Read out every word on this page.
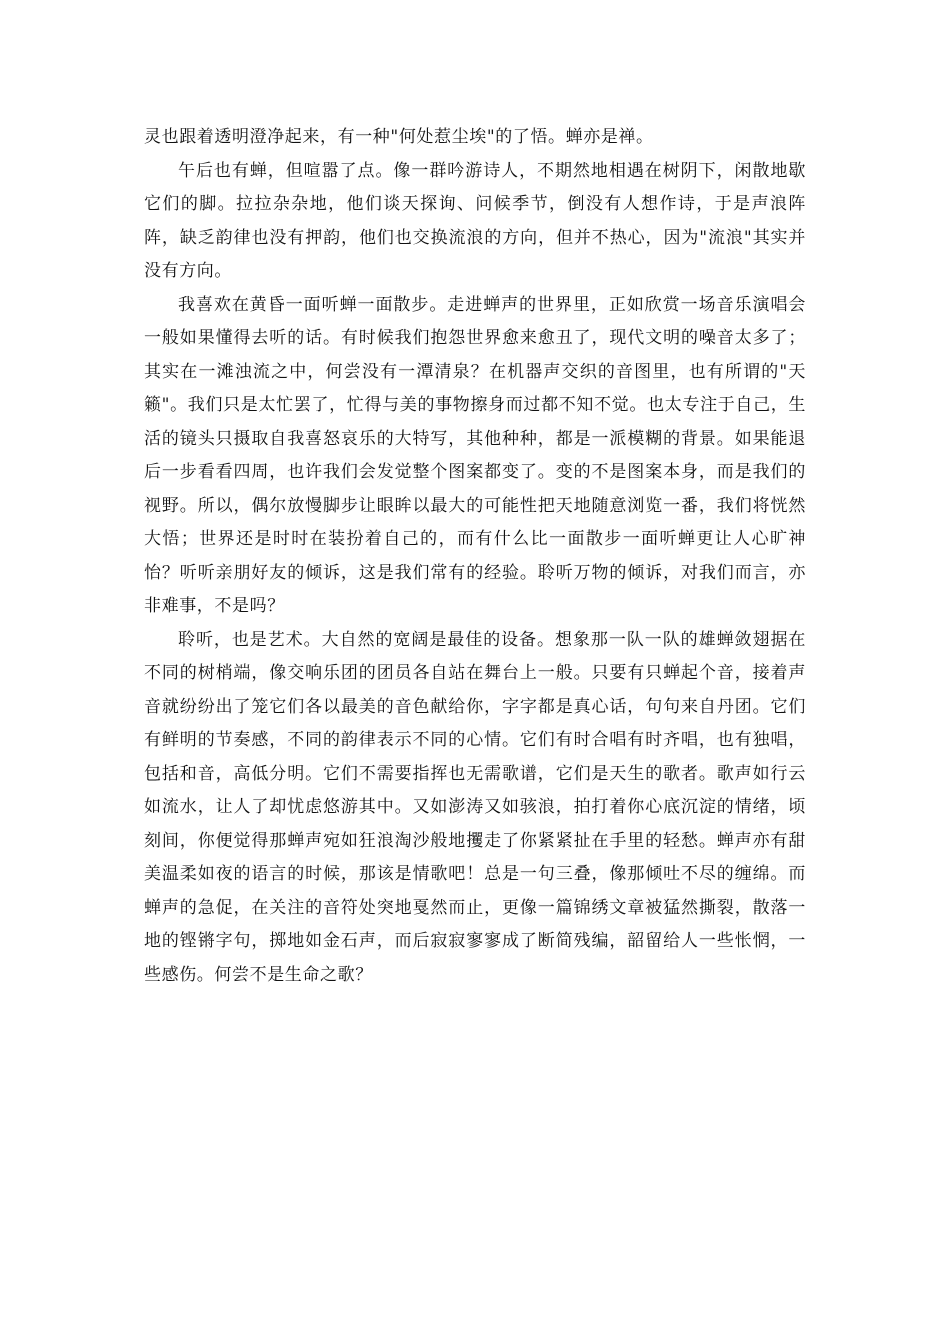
灵也跟着透明澄净起来，有一种"何处惹尘埃"的了悟。蝉亦是禅。

午后也有蝉，但喧嚣了点。像一群吟游诗人，不期然地相遇在树阴下，闲散地歇它们的脚。拉拉杂杂地，他们谈天探询、问候季节，倒没有人想作诗，于是声浪阵阵，缺乏韵律也没有押韵，他们也交换流浪的方向，但并不热心，因为"流浪"其实并没有方向。

我喜欢在黄昏一面听蝉一面散步。走进蝉声的世界里，正如欣赏一场音乐演唱会一般如果懂得去听的话。有时候我们抱怨世界愈来愈丑了，现代文明的噪音太多了；其实在一滩浊流之中，何尝没有一潭清泉？在机器声交织的音图里，也有所谓的"天籁"。我们只是太忙罢了，忙得与美的事物擦身而过都不知不觉。也太专注于自己，生活的镜头只摄取自我喜怒哀乐的大特写，其他种种，都是一派模糊的背景。如果能退后一步看看四周，也许我们会发觉整个图案都变了。变的不是图案本身，而是我们的视野。所以，偶尔放慢脚步让眼眸以最大的可能性把天地随意浏览一番，我们将恍然大悟；世界还是时时在装扮着自己的，而有什么比一面散步一面听蝉更让人心旷神怡？听听亲朋好友的倾诉，这是我们常有的经验。聆听万物的倾诉，对我们而言，亦非难事，不是吗？

聆听，也是艺术。大自然的宽阔是最佳的设备。想象那一队一队的雄蝉敛翅据在不同的树梢端，像交响乐团的团员各自站在舞台上一般。只要有只蝉起个音，接着声音就纷纷出了笼它们各以最美的音色献给你，字字都是真心话，句句来自丹团。它们有鲜明的节奏感，不同的韵律表示不同的心情。它们有时合唱有时齐唱，也有独唱，包括和音，高低分明。它们不需要指挥也无需歌谱，它们是天生的歌者。歌声如行云如流水，让人了却忧虑悠游其中。又如澎涛又如骇浪，拍打着你心底沉淀的情绪，顷刻间，你便觉得那蝉声宛如狂浪淘沙般地攫走了你紧紧扯在手里的轻愁。蝉声亦有甜美温柔如夜的语言的时候，那该是情歌吧！总是一句三叠，像那倾吐不尽的缠绵。而蝉声的急促，在关注的音符处突地戛然而止，更像一篇锦绣文章被猛然撕裂，散落一地的铿锵字句，掷地如金石声，而后寂寂寥寥成了断简残编，韶留给人一些怅惘，一些感伤。何尝不是生命之歌？
